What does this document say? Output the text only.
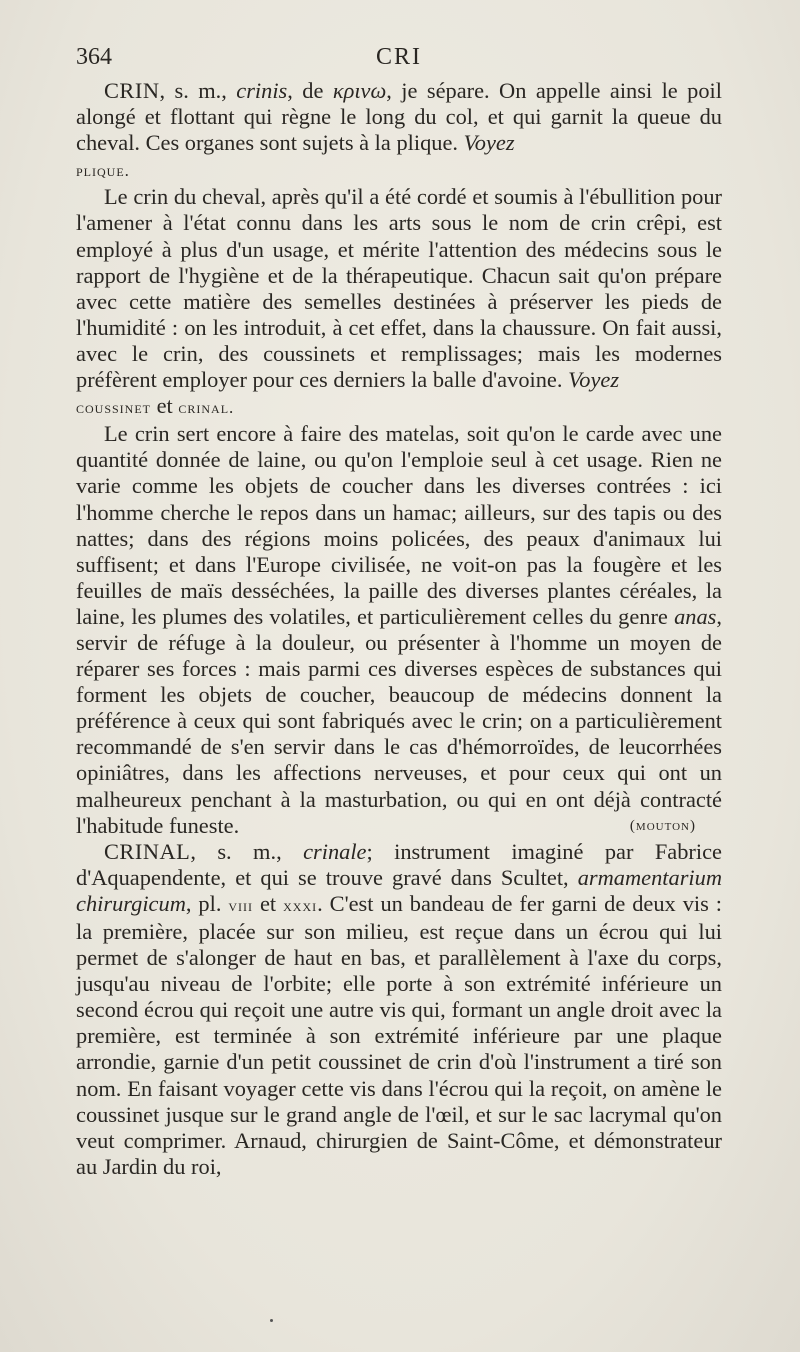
364	CRI

CRIN, s. m., crinis, de κρινω, je sépare. On appelle ainsi le poil alongé et flottant qui règne le long du col, et qui garnit la queue du cheval. Ces organes sont sujets à la plique. Voyez
plique.

Le crin du cheval, après qu'il a été cordé et soumis à l'ébullition pour l'amener à l'état connu dans les arts sous le nom de crin crêpi, est employé à plus d'un usage, et mérite l'attention des médecins sous le rapport de l'hygiène et de la thérapeutique. Chacun sait qu'on prépare avec cette matière des semelles destinées à préserver les pieds de l'humidité : on les introduit, à cet effet, dans la chaussure. On fait aussi, avec le crin, des coussinets et remplissages; mais les modernes préfèrent employer pour ces derniers la balle d'avoine. Voyez
coussinet et crinal.

Le crin sert encore à faire des matelas, soit qu'on le carde avec une quantité donnée de laine, ou qu'on l'emploie seul à cet usage. Rien ne varie comme les objets de coucher dans les diverses contrées : ici l'homme cherche le repos dans un hamac; ailleurs, sur des tapis ou des nattes; dans des régions moins policées, des peaux d'animaux lui suffisent; et dans l'Europe civilisée, ne voit-on pas la fougère et les feuilles de maïs desséchées, la paille des diverses plantes céréales, la laine, les plumes des volatiles, et particulièrement celles du genre anas, servir de réfuge à la douleur, ou présenter à l'homme un moyen de réparer ses forces : mais parmi ces diverses espèces de substances qui forment les objets de coucher, beaucoup de médecins donnent la préférence à ceux qui sont fabriqués avec le crin; on a particulièrement recommandé de s'en servir dans le cas d'hémorroïdes, de leucorrhées opiniâtres, dans les affections nerveuses, et pour ceux qui ont un malheureux penchant à la masturbation, ou qui en ont déjà contracté l'habitude funeste.	(mouton)

CRINAL, s. m., crinale; instrument imaginé par Fabrice d'Aquapendente, et qui se trouve gravé dans Scultet, armamentarium chirurgicum, pl. viii et xxxi. C'est un bandeau de fer garni de deux vis : la première, placée sur son milieu, est reçue dans un écrou qui lui permet de s'alonger de haut en bas, et parallèlement à l'axe du corps, jusqu'au niveau de l'orbite; elle porte à son extrémité inférieure un second écrou qui reçoit une autre vis qui, formant un angle droit avec la première, est terminée à son extrémité inférieure par une plaque arrondie, garnie d'un petit coussinet de crin d'où l'instrument a tiré son nom. En faisant voyager cette vis dans l'écrou qui la reçoit, on amène le coussinet jusque sur le grand angle de l'œil, et sur le sac lacrymal qu'on veut comprimer. Arnaud, chirurgien de Saint-Côme, et démonstrateur au Jardin du roi,
